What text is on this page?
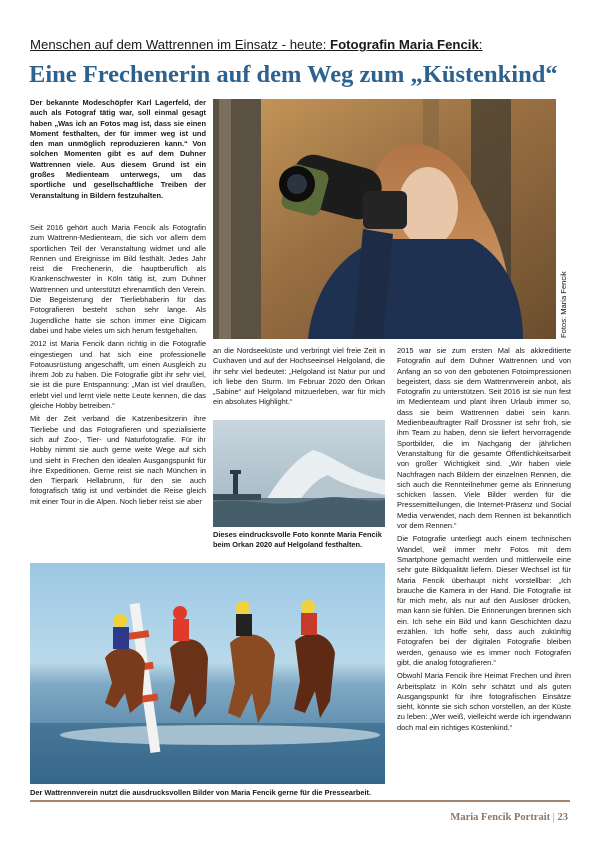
Menschen auf dem Wattrennen im Einsatz - heute: Fotografin Maria Fencik:
Eine Frechenerin auf dem Weg zum „Küstenkind“

Der bekannte Modeschöpfer Karl Lagerfeld, der auch als Fotograf tätig war, soll einmal gesagt haben „Was ich an Fotos mag ist, dass sie einen Moment festhalten, der für immer weg ist und den man unmöglich reproduzieren kann.“ Von solchen Momenten gibt es auf dem Duhner Wattrennen viele. Aus diesem Grund ist ein großes Medienteam unterwegs, um das sportliche und gesellschaftliche Treiben der Veranstaltung in Bildern festzuhalten.

Seit 2016 gehört auch Maria Fencik als Fotografin zum Wattrenn-Medienteam, die sich vor allem dem sportlichen Teil der Veranstaltung widmet und alle Rennen und Ereignisse im Bild festhält. Jedes Jahr reist die Frechenerin, die hauptberuflich als Krankenschwester in Köln tätig ist, zum Duhner Wattrennen und unterstützt ehrenamtlich den Verein. Die Begeisterung der Tierliebhaberin für das Fotografieren besteht schon sehr lange. Als Jugendliche hatte sie schon immer eine Digicam dabei und habe vieles um sich herum festgehalten.

2012 ist Maria Fencik dann richtig in die Fotografie eingestiegen und hat sich eine professionelle Fotoausrüstung angeschafft, um einen Ausgleich zu ihrem Job zu haben. Die Fotografie gibt ihr sehr viel, sie ist die pure Entspannung: „Man ist viel draußen, erlebt viel und lernt viele nette Leute kennen, die das gleiche Hobby betreiben.“

Mit der Zeit verband die Katzenbesitzerin ihre Tierliebe und das Fotografieren und spezialisierte sich auf Zoo-, Tier- und Naturfotografie. Für ihr Hobby nimmt sie auch gerne weite Wege auf sich und sieht in Frechen den idealen Ausgangspunkt für ihre Expeditionen. Gerne reist sie nach München in den Tierpark Hellabrunn, für den sie auch fotografisch tätig ist und verbindet die Reise gleich mit einer Tour in die Alpen. Noch lieber reist sie aber

Fotos: Maria Fencik

an die Nordseeküste und verbringt viel freie Zeit in Cuxhaven und auf der Hochseeinsel Helgoland, die ihr sehr viel bedeutet: „Helgoland ist Natur pur und ich liebe den Sturm. Im Februar 2020 den Orkan „Sabine“ auf Helgoland mitzuerleben, war für mich ein absolutes Highlight.“

Dieses eindrucksvolle Foto konnte Maria Fencik beim Orkan 2020 auf Helgoland festhalten.

2015 war sie zum ersten Mal als akkreditierte Fotografin auf dem Duhner Wattrennen und von Anfang an so von den gebotenen Fotoimpressionen begeistert, dass sie dem Wattrennverein anbot, als Fotografin zu unterstützen. Seit 2016 ist sie nun fest im Medienteam und plant ihren Urlaub immer so, dass sie beim Wattrennen dabei sein kann. Medienbeauftragter Ralf Drossner ist sehr froh, sie ihm Team zu haben, denn sie liefert hervorragende Sportbilder, die im Nachgang der jährlichen Veranstaltung für die gesamte Öffentlichkeitsarbeit von großer Wichtigkeit sind. „Wir haben viele Nachfragen nach Bildern der einzelnen Rennen, die sich auch die Rennteilnehmer gerne als Erinnerung schicken lassen. Viele Bilder werden für die Pressemitteilungen, die Internet-Präsenz und Social Media verwendet, nach dem Rennen ist bekanntlich vor dem Rennen.“

Die Fotografie unterliegt auch einem technischen Wandel, weil immer mehr Fotos mit dem Smartphone gemacht werden und mittlerweile eine sehr gute Bildqualität liefern. Dieser Wechsel ist für Maria Fencik überhaupt nicht vorstellbar: „Ich brauche die Kamera in der Hand. Die Fotografie ist für mich mehr, als nur auf den Auslöser drücken, man kann sie fühlen. Die Erinnerungen brennen sich ein. Ich sehe ein Bild und kann Geschichten dazu erzählen. Ich hoffe sehr, dass auch zukünftig Fotografen bei der digitalen Fotografie bleiben werden, genauso wie es immer noch Fotografen gibt, die analog fotografieren.“

Obwohl Maria Fencik ihre Heimat Frechen und ihren Arbeitsplatz in Köln sehr schätzt und als guten Ausgangspunkt für ihre fotografischen Einsätze sieht, könnte sie sich schon vorstellen, an der Küste zu leben: „Wer weiß, vielleicht werde ich irgendwann doch mal ein richtiges Küstenkind.“

Der Wattrennverein nutzt die ausdrucksvollen Bilder von Maria Fencik gerne für die Pressearbeit.
Maria Fencik Portrait | 23
